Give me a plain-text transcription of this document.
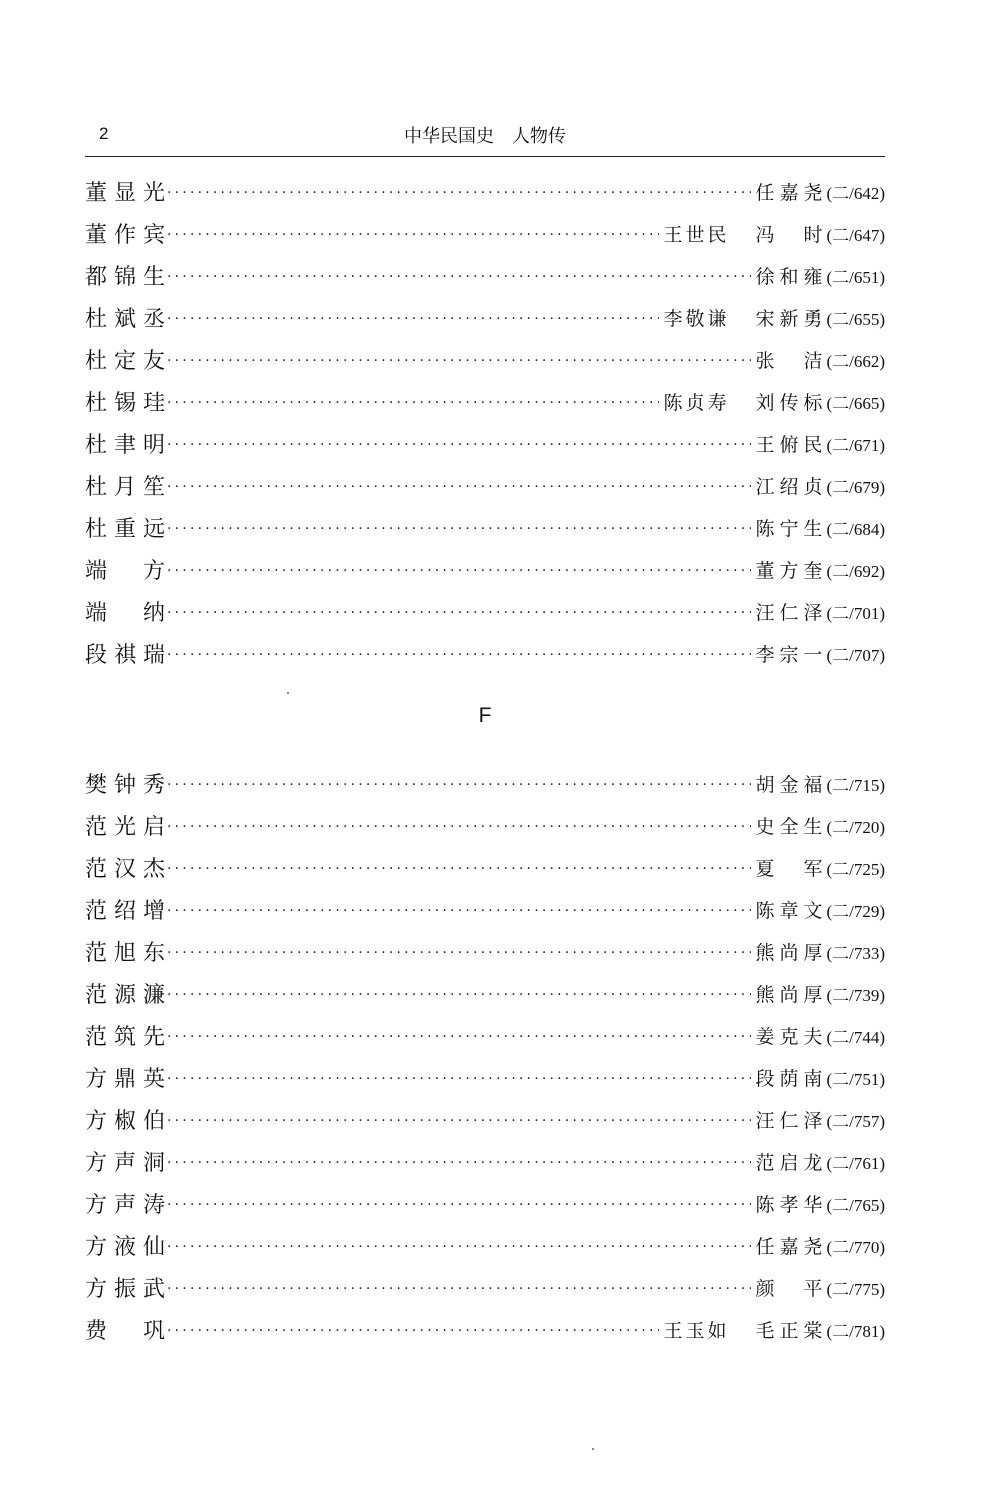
2	中华民国史 人物传
董 显 光 ·····	任 嘉 尧 (二/642)
董 作 宾 ·····	王世民 冯 时 (二/647)
都 锦 生 ·····	徐 和 雍 (二/651)
杜 斌 丞 ·····	李敬谦 宋 新 勇 (二/655)
杜 定 友 ·····	张 洁 (二/662)
杜 锡 珪 ·····	陈贞寿 刘 传 标 (二/665)
杜 聿 明 ·····	王 俯 民 (二/671)
杜 月 笙 ·····	江 绍 贞 (二/679)
杜 重 远 ·····	陈 宁 生 (二/684)
端 方 ·····	董 方 奎 (二/692)
端 纳 ·····	汪 仁 泽 (二/701)
段 祺 瑞 ·····	李 宗 一 (二/707)
F
樊 钟 秀 ·····	胡 金 福 (二/715)
范 光 启 ·····	史 全 生 (二/720)
范 汉 杰 ·····	夏 军 (二/725)
范 绍 增 ·····	陈 章 文 (二/729)
范 旭 东 ·····	熊 尚 厚 (二/733)
范 源 濂 ·····	熊 尚 厚 (二/739)
范 筑 先 ·····	姜 克 夫 (二/744)
方 鼎 英 ·····	段 荫 南 (二/751)
方 椒 伯 ·····	汪 仁 泽 (二/757)
方 声 洞 ·····	范 启 龙 (二/761)
方 声 涛 ·····	陈 孝 华 (二/765)
方 液 仙 ·····	任 嘉 尧 (二/770)
方 振 武 ·····	颜 平 (二/775)
费 巩 ·····	王玉如 毛 正 棠 (二/781)
